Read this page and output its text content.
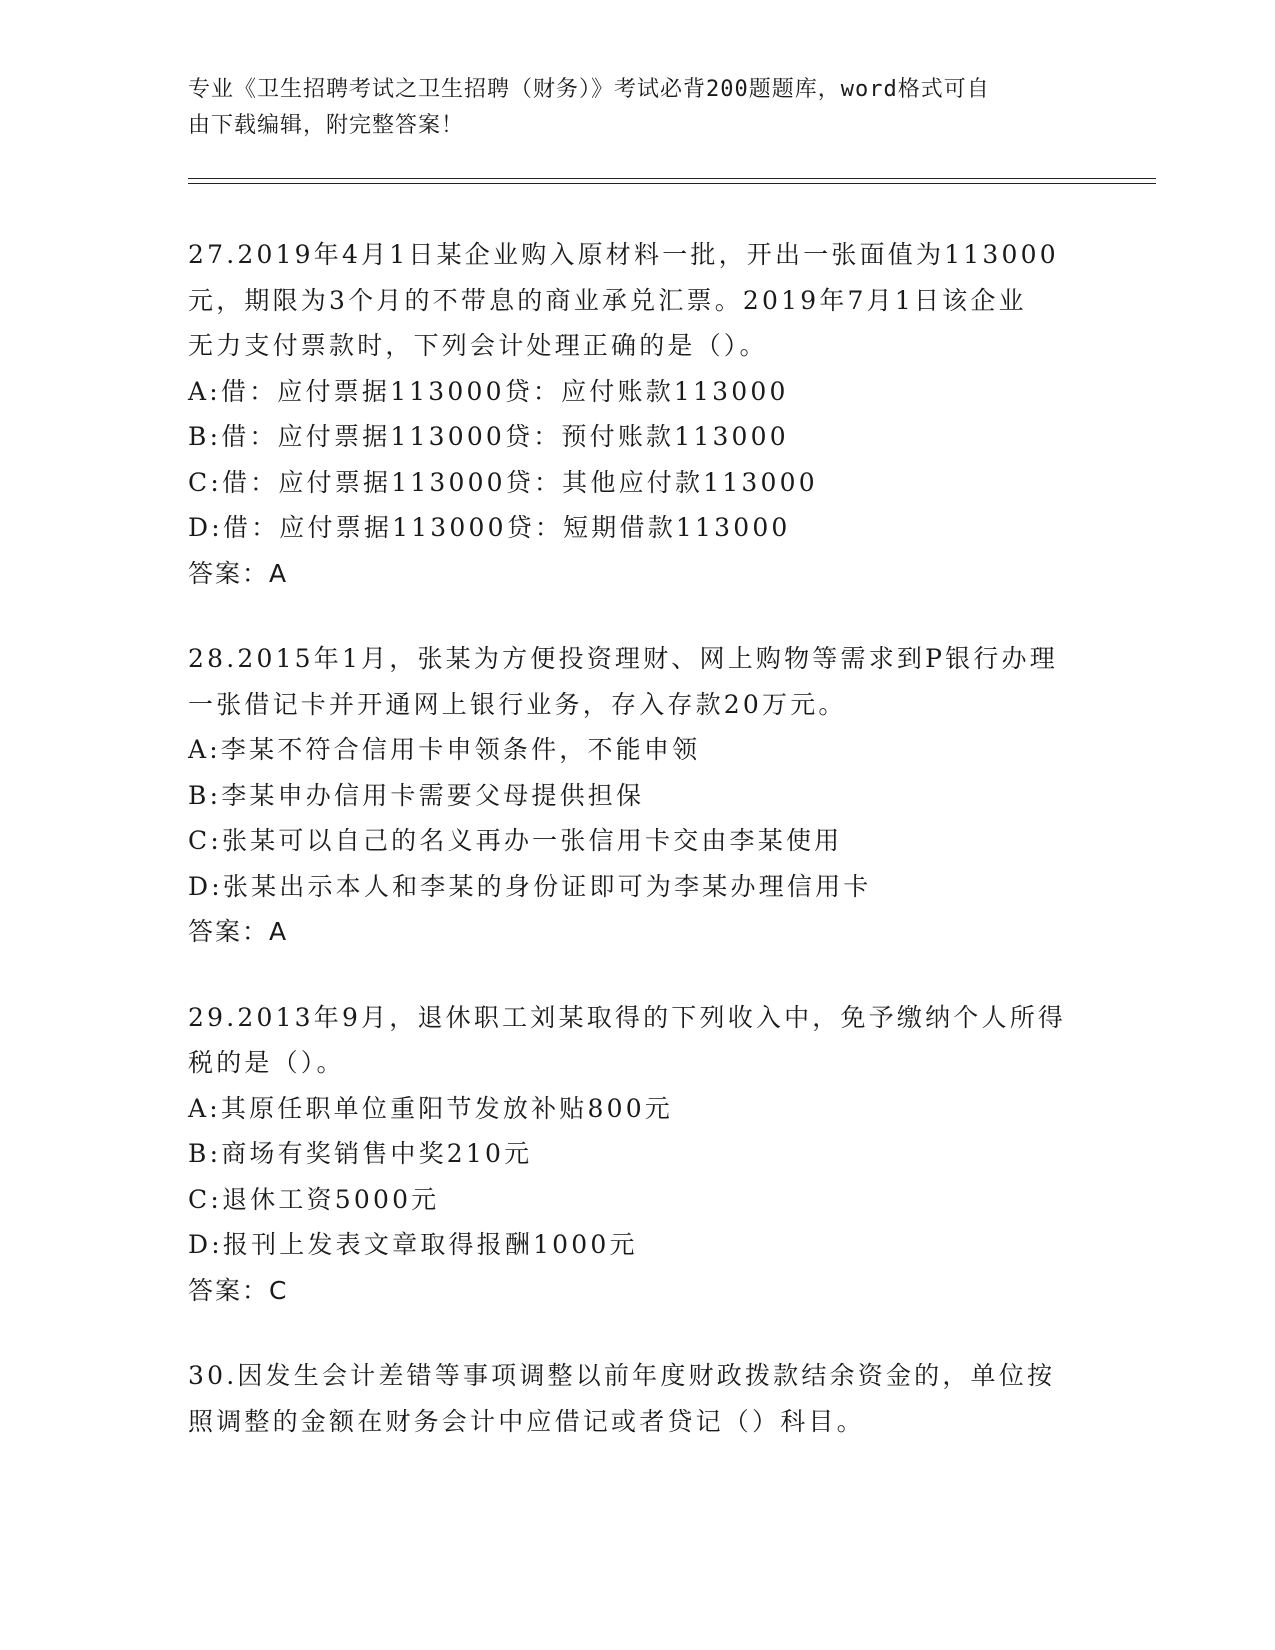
专业《卫生招聘考试之卫生招聘（财务）》考试必背200题题库，word格式可自
由下载编辑，附完整答案！
27.2019年4月1日某企业购入原材料一批，开出一张面值为113000
元，期限为3个月的不带息的商业承兑汇票。2019年7月1日该企业
无力支付票款时，下列会计处理正确的是（）。
A:借：应付票据113000贷：应付账款113000
B:借：应付票据113000贷：预付账款113000
C:借：应付票据113000贷：其他应付款113000
D:借：应付票据113000贷：短期借款113000
答案：A
28.2015年1月，张某为方便投资理财、网上购物等需求到P银行办理
一张借记卡并开通网上银行业务，存入存款20万元。
A:李某不符合信用卡申领条件，不能申领
B:李某申办信用卡需要父母提供担保
C:张某可以自己的名义再办一张信用卡交由李某使用
D:张某出示本人和李某的身份证即可为李某办理信用卡
答案：A
29.2013年9月，退休职工刘某取得的下列收入中，免予缴纳个人所得
税的是（）。
A:其原任职单位重阳节发放补贴800元
B:商场有奖销售中奖210元
C:退休工资5000元
D:报刊上发表文章取得报酬1000元
答案：C
30.因发生会计差错等事项调整以前年度财政拨款结余资金的，单位按
照调整的金额在财务会计中应借记或者贷记（）科目。
